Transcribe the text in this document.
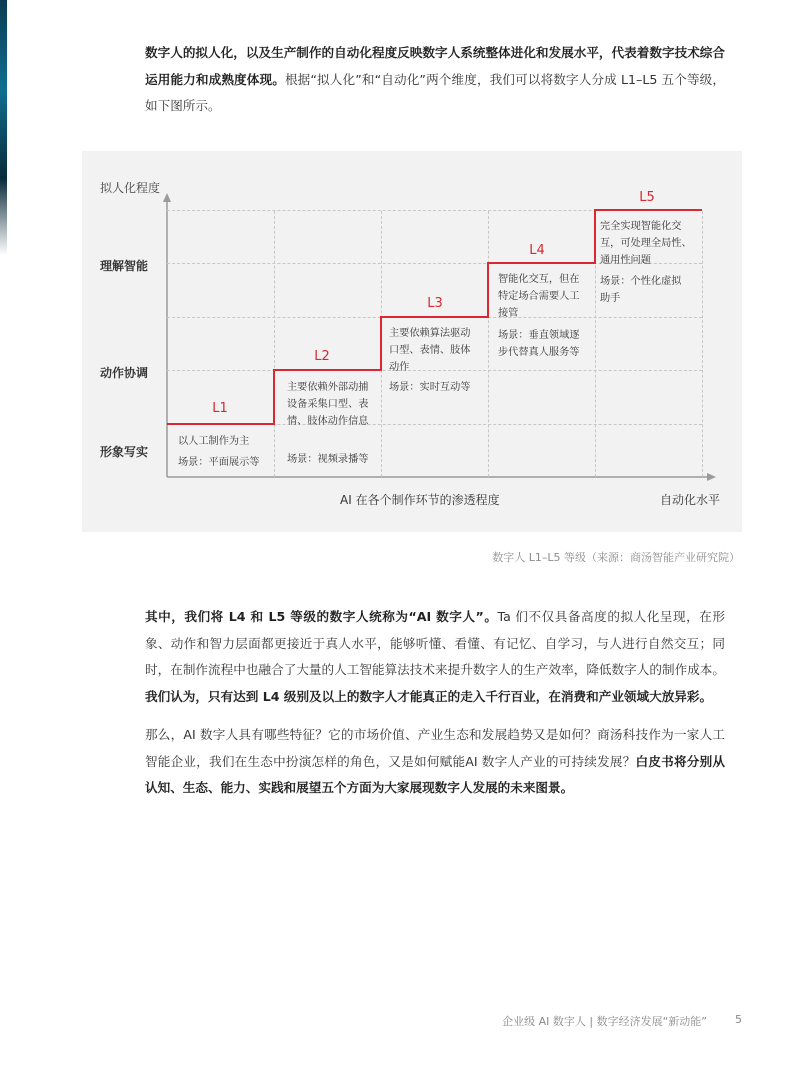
数字人的拟人化，以及生产制作的自动化程度反映数字人系统整体进化和发展水平，代表着数字技术综合运用能力和成熟度体现。根据“拟人化”和“自动化”两个维度，我们可以将数字人分成 L1–L5 五个等级，如下图所示。

拟人化程度
理解智能
动作协调
形象写实
AI 在各个制作环节的渗透程度	自动化水平
L1
以人工制作为主
场景：平面展示等
L2
主要依赖外部动捕设备采集口型、表情、肢体动作信息
场景：视频录播等
L3
主要依赖算法驱动口型、表情、肢体动作
场景：实时互动等
L4
智能化交互，但在特定场合需要人工接管
场景：垂直领域逐步代替真人服务等
L5
完全实现智能化交互，可处理全局性、通用性问题
场景：个性化虚拟助手
数字人 L1–L5 等级（来源：商汤智能产业研究院）

其中，我们将 L4 和 L5 等级的数字人统称为“AI 数字人”。Ta 们不仅具备高度的拟人化呈现，在形象、动作和智力层面都更接近于真人水平，能够听懂、看懂、有记忆、自学习，与人进行自然交互；同时，在制作流程中也融合了大量的人工智能算法技术来提升数字人的生产效率，降低数字人的制作成本。我们认为，只有达到 L4 级别及以上的数字人才能真正的走入千行百业，在消费和产业领域大放异彩。

那么，AI 数字人具有哪些特征？它的市场价值、产业生态和发展趋势又是如何？商汤科技作为一家人工智能企业，我们在生态中扮演怎样的角色，又是如何赋能AI 数字人产业的可持续发展？白皮书将分别从认知、生态、能力、实践和展望五个方面为大家展现数字人发展的未来图景。

企业级 AI 数字人 | 数字经济发展“新动能”	5
